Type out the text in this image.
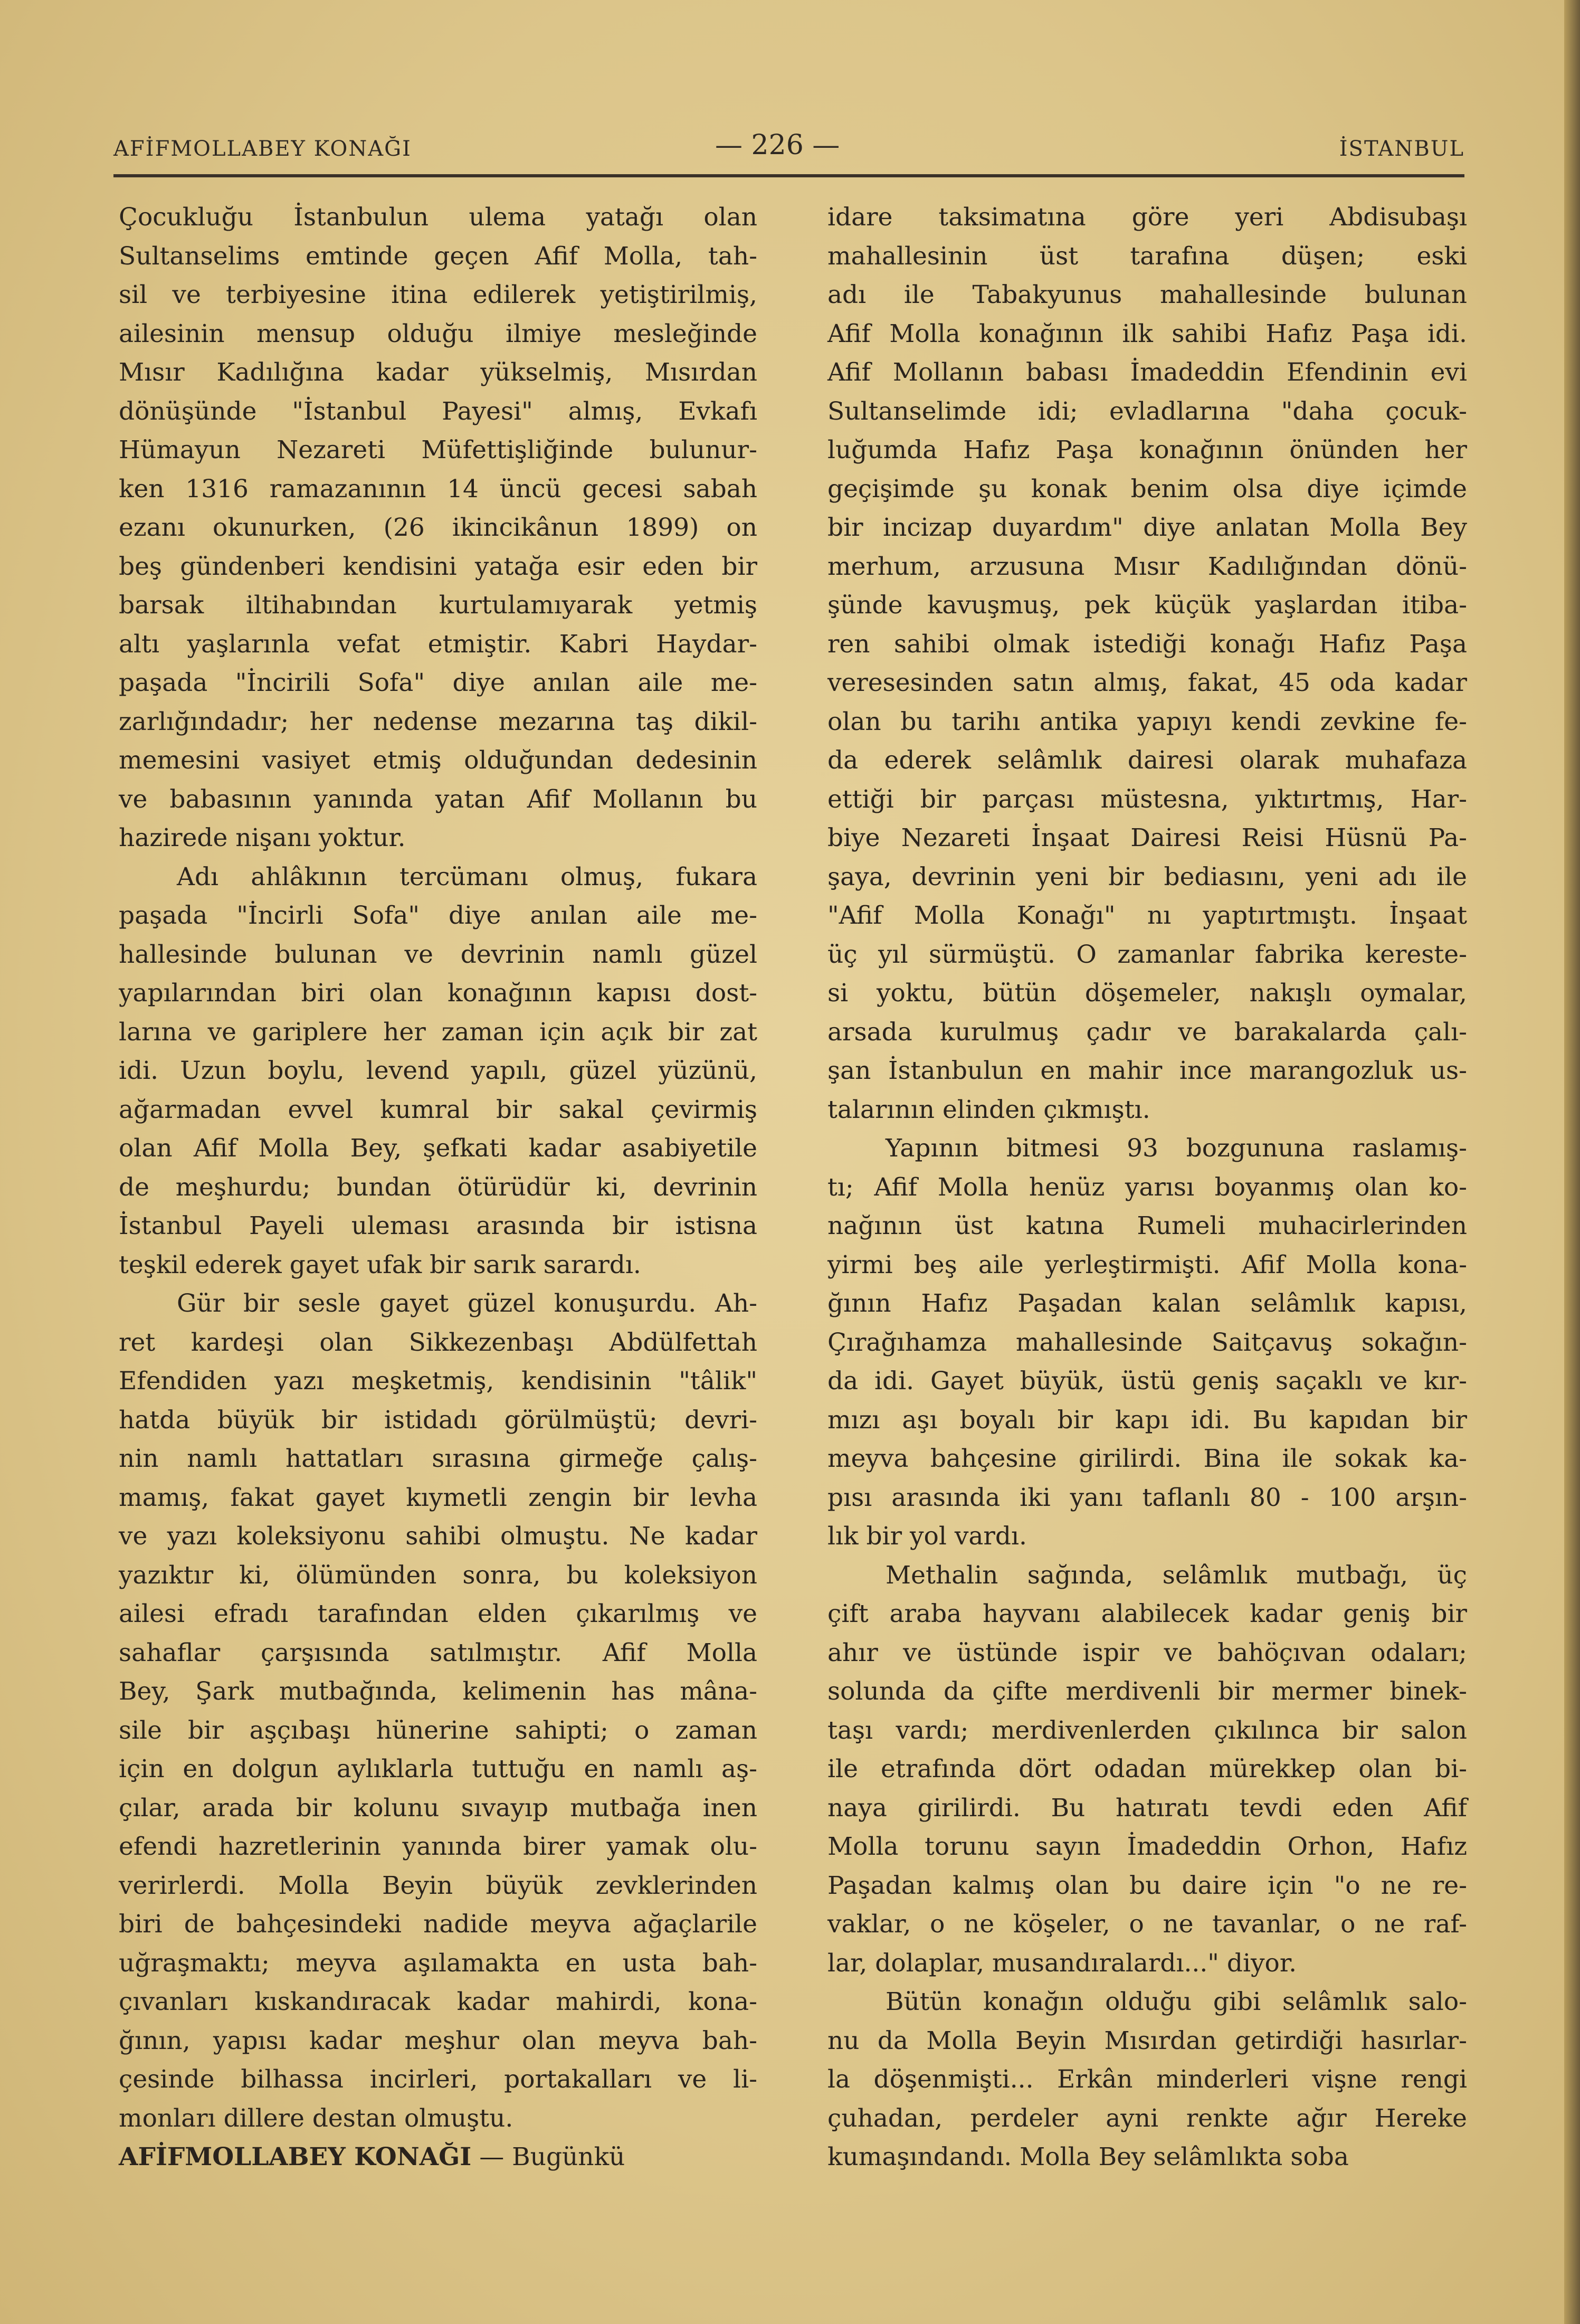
AFİFMOLLABEY KONAĞI	— 226 —	İSTANBUL
Çocukluğu İstanbulun ulema yatağı olan
Sultanselims emtinde geçen Afif Molla, tah-
sil ve terbiyesine itina edilerek yetiştirilmiş,
ailesinin mensup olduğu ilmiye mesleğinde
Mısır Kadılığına kadar yükselmiş, Mısırdan
dönüşünde "İstanbul Payesi" almış, Evkafı
Hümayun Nezareti Müfettişliğinde bulunur-
ken 1316 ramazanının 14 üncü gecesi sabah
ezanı okunurken, (26 ikincikânun 1899) on
beş gündenberi kendisini yatağa esir eden bir
barsak iltihabından kurtulamıyarak yetmiş
altı yaşlarınla vefat etmiştir. Kabri Haydar-
paşada "İncirili Sofa" diye anılan aile me-
zarlığındadır; her nedense mezarına taş dikil-
memesini vasiyet etmiş olduğundan dedesinin
ve babasının yanında yatan Afif Mollanın bu
hazirede nişanı yoktur.
Adı ahlâkının tercümanı olmuş, fukara
paşada "İncirli Sofa" diye anılan aile me-
hallesinde bulunan ve devrinin namlı güzel
yapılarından biri olan konağının kapısı dost-
larına ve gariplere her zaman için açık bir zat
idi. Uzun boylu, levend yapılı, güzel yüzünü,
ağarmadan evvel kumral bir sakal çevirmiş
olan Afif Molla Bey, şefkati kadar asabiyetile
de meşhurdu; bundan ötürüdür ki, devrinin
İstanbul Payeli uleması arasında bir istisna
teşkil ederek gayet ufak bir sarık sarardı.
Gür bir sesle gayet güzel konuşurdu. Ah-
ret kardeşi olan Sikkezenbaşı Abdülfettah
Efendiden yazı meşketmiş, kendisinin "tâlik"
hatda büyük bir istidadı görülmüştü; devri-
nin namlı hattatları sırasına girmeğe çalış-
mamış, fakat gayet kıymetli zengin bir levha
ve yazı koleksiyonu sahibi olmuştu. Ne kadar
yazıktır ki, ölümünden sonra, bu koleksiyon
ailesi efradı tarafından elden çıkarılmış ve
sahaflar çarşısında satılmıştır. Afif Molla
Bey, Şark mutbağında, kelimenin has mâna-
sile bir aşçıbaşı hünerine sahipti; o zaman
için en dolgun aylıklarla tuttuğu en namlı aş-
çılar, arada bir kolunu sıvayıp mutbağa inen
efendi hazretlerinin yanında birer yamak olu-
verirlerdi. Molla Beyin büyük zevklerinden
biri de bahçesindeki nadide meyva ağaçlarile
uğraşmaktı; meyva aşılamakta en usta bah-
çıvanları kıskandıracak kadar mahirdi, kona-
ğının, yapısı kadar meşhur olan meyva bah-
çesinde bilhassa incirleri, portakalları ve li-
monları dillere destan olmuştu.
AFİFMOLLABEY KONAĞI — Bugünkü
idare taksimatına göre yeri Abdisubaşı
mahallesinin üst tarafına düşen; eski
adı ile Tabakyunus mahallesinde bulunan
Afif Molla konağının ilk sahibi Hafız Paşa idi.
Afif Mollanın babası İmadeddin Efendinin evi
Sultanselimde idi; evladlarına "daha çocuk-
luğumda Hafız Paşa konağının önünden her
geçişimde şu konak benim olsa diye içimde
bir incizap duyardım" diye anlatan Molla Bey
merhum, arzusuna Mısır Kadılığından dönü-
şünde kavuşmuş, pek küçük yaşlardan itiba-
ren sahibi olmak istediği konağı Hafız Paşa
veresesinden satın almış, fakat, 45 oda kadar
olan bu tarihı antika yapıyı kendi zevkine fe-
da ederek selâmlık dairesi olarak muhafaza
ettiği bir parçası müstesna, yıktırtmış, Har-
biye Nezareti İnşaat Dairesi Reisi Hüsnü Pa-
şaya, devrinin yeni bir bediasını, yeni adı ile
"Afif Molla Konağı" nı yaptırtmıştı. İnşaat
üç yıl sürmüştü. O zamanlar fabrika kereste-
si yoktu, bütün döşemeler, nakışlı oymalar,
arsada kurulmuş çadır ve barakalarda çalı-
şan İstanbulun en mahir ince marangozluk us-
talarının elinden çıkmıştı.
Yapının bitmesi 93 bozgununa raslamış-
tı; Afif Molla henüz yarısı boyanmış olan ko-
nağının üst katına Rumeli muhacirlerinden
yirmi beş aile yerleştirmişti. Afif Molla kona-
ğının Hafız Paşadan kalan selâmlık kapısı,
Çırağıhamza mahallesinde Saitçavuş sokağın-
da idi. Gayet büyük, üstü geniş saçaklı ve kır-
mızı aşı boyalı bir kapı idi. Bu kapıdan bir
meyva bahçesine girilirdi. Bina ile sokak ka-
pısı arasında iki yanı taflanlı 80 - 100 arşın-
lık bir yol vardı.
Methalin sağında, selâmlık mutbağı, üç
çift araba hayvanı alabilecek kadar geniş bir
ahır ve üstünde ispir ve bahöçıvan odaları;
solunda da çifte merdivenli bir mermer binek-
taşı vardı; merdivenlerden çıkılınca bir salon
ile etrafında dört odadan mürekkep olan bi-
naya girilirdi. Bu hatıratı tevdi eden Afif
Molla torunu sayın İmadeddin Orhon, Hafız
Paşadan kalmış olan bu daire için "o ne re-
vaklar, o ne köşeler, o ne tavanlar, o ne raf-
lar, dolaplar, musandıralardı..." diyor.
Bütün konağın olduğu gibi selâmlık salo-
nu da Molla Beyin Mısırdan getirdiği hasırlar-
la döşenmişti... Erkân minderleri vişne rengi
çuhadan, perdeler ayni renkte ağır Hereke
kumaşındandı. Molla Bey selâmlıkta soba
